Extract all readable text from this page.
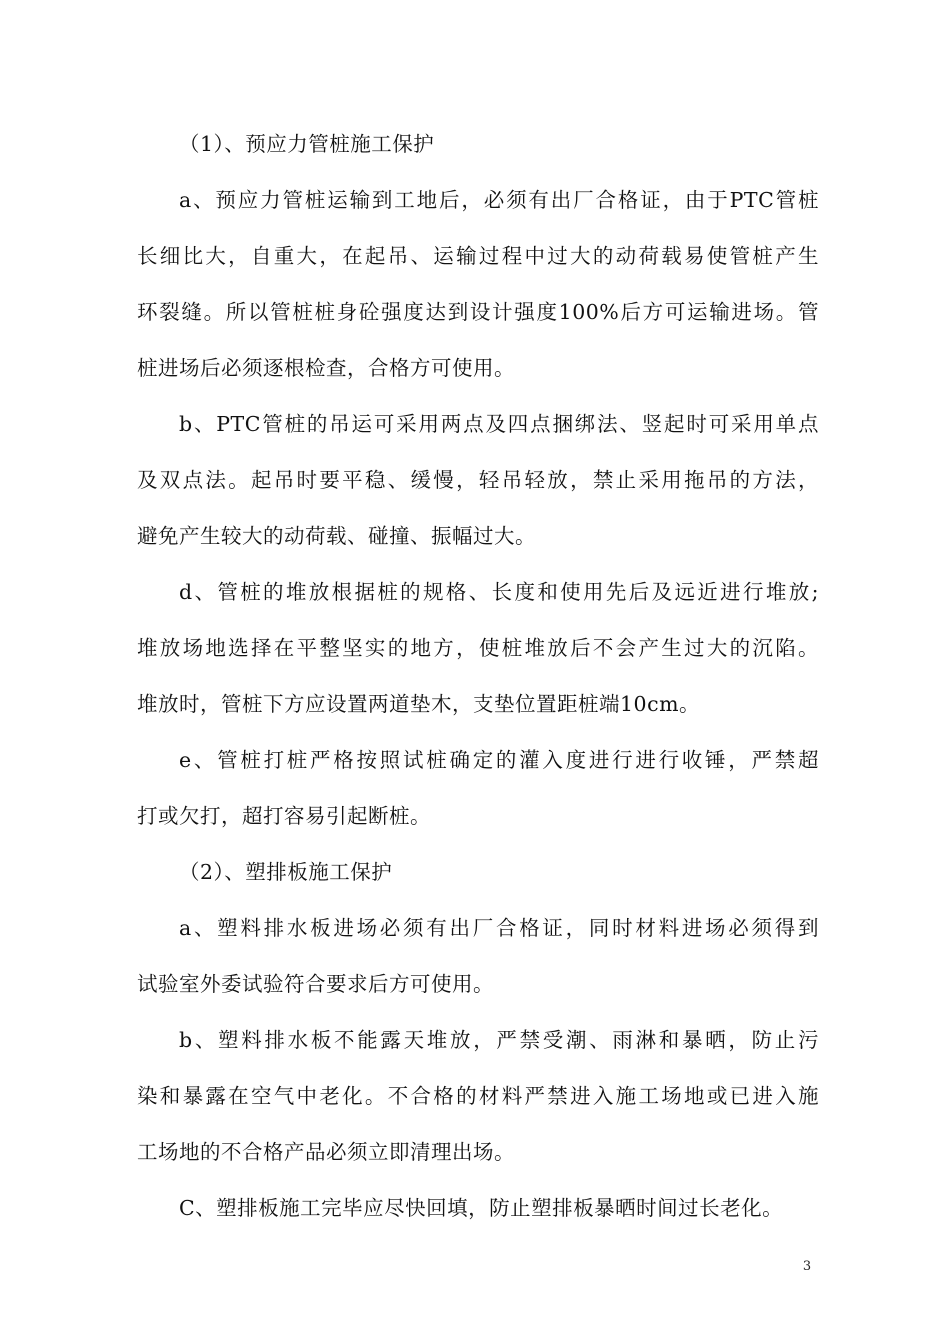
（1）、预应力管桩施工保护
a、预应力管桩运输到工地后，必须有出厂合格证，由于PTC管桩
长细比大，自重大，在起吊、运输过程中过大的动荷载易使管桩产生
环裂缝。所以管桩桩身砼强度达到设计强度100%后方可运输进场。管
桩进场后必须逐根检查，合格方可使用。
b、PTC管桩的吊运可采用两点及四点捆绑法、竖起时可采用单点
及双点法。起吊时要平稳、缓慢，轻吊轻放，禁止采用拖吊的方法，
避免产生较大的动荷载、碰撞、振幅过大。
d、管桩的堆放根据桩的规格、长度和使用先后及远近进行堆放;
堆放场地选择在平整坚实的地方，使桩堆放后不会产生过大的沉陷。
堆放时，管桩下方应设置两道垫木，支垫位置距桩端10cm。
e、管桩打桩严格按照试桩确定的灌入度进行进行收锤，严禁超
打或欠打，超打容易引起断桩。
（2）、塑排板施工保护
a、塑料排水板进场必须有出厂合格证，同时材料进场必须得到
试验室外委试验符合要求后方可使用。
b、塑料排水板不能露天堆放，严禁受潮、雨淋和暴晒，防止污
染和暴露在空气中老化。不合格的材料严禁进入施工场地或已进入施
工场地的不合格产品必须立即清理出场。
C、塑排板施工完毕应尽快回填，防止塑排板暴晒时间过长老化。
3
